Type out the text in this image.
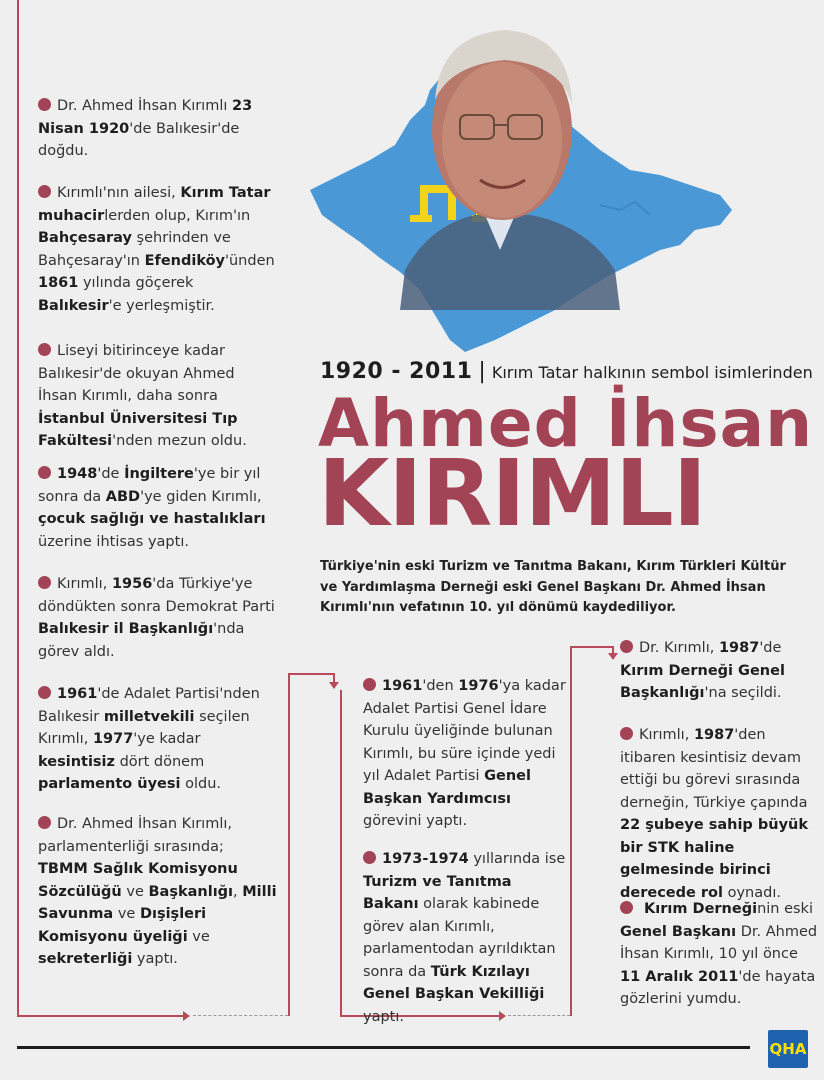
1920 - 2011 | Kırım Tatar halkının sembol isimlerinden
Ahmed İhsan
KIRIMLI
Türkiye'nin eski Turizm ve Tanıtma Bakanı, Kırım Türkleri Kültür ve Yardımlaşma Derneği eski Genel Başkanı Dr. Ahmed İhsan Kırımlı'nın vefatının 10. yıl dönümü kaydediliyor.
Dr. Ahmed İhsan Kırımlı 23 Nisan 1920'de Balıkesir'de doğdu.
Kırımlı'nın ailesi, Kırım Tatar muhacirlerden olup, Kırım'ın Bahçesaray şehrinden ve Bahçesaray'ın Efendiköy'ünden 1861 yılında göçerek Balıkesir'e yerleşmiştir.
Liseyi bitirinceye kadar Balıkesir'de okuyan Ahmed İhsan Kırımlı, daha sonra İstanbul Üniversitesi Tıp Fakültesi'nden mezun oldu.
1948'de İngiltere'ye bir yıl sonra da ABD'ye giden Kırımlı, çocuk sağlığı ve hastalıkları üzerine ihtisas yaptı.
Kırımlı, 1956'da Türkiye'ye döndükten sonra Demokrat Parti Balıkesir il Başkanlığı'nda görev aldı.
1961'de Adalet Partisi'nden Balıkesir milletvekili seçilen Kırımlı, 1977'ye kadar kesintisiz dört dönem parlamento üyesi oldu.
Dr. Ahmed İhsan Kırımlı, parlamenterliği sırasında; TBMM Sağlık Komisyonu Sözcülüğü ve Başkanlığı, Milli Savunma ve Dışişleri Komisyonu üyeliği ve sekreterliği yaptı.
1961'den 1976'ya kadar Adalet Partisi Genel İdare Kurulu üyeliğinde bulunan Kırımlı, bu süre içinde yedi yıl Adalet Partisi Genel Başkan Yardımcısı görevini yaptı.
1973-1974 yıllarında ise Turizm ve Tanıtma Bakanı olarak kabinede görev alan Kırımlı, parlamentodan ayrıldıktan sonra da Türk Kızılayı Genel Başkan Vekilliği yaptı.
Dr. Kırımlı, 1987'de Kırım Derneği Genel Başkanlığı'na seçildi.
Kırımlı, 1987'den itibaren kesintisiz devam ettiği bu görevi sırasında derneğin, Türkiye çapında 22 şubeye sahip büyük bir STK haline gelmesinde birinci derecede rol oynadı.
Kırım Derneğinin eski Genel Başkanı Dr. Ahmed İhsan Kırımlı, 10 yıl önce 11 Aralık 2011'de hayata gözlerini yumdu.
QHA
